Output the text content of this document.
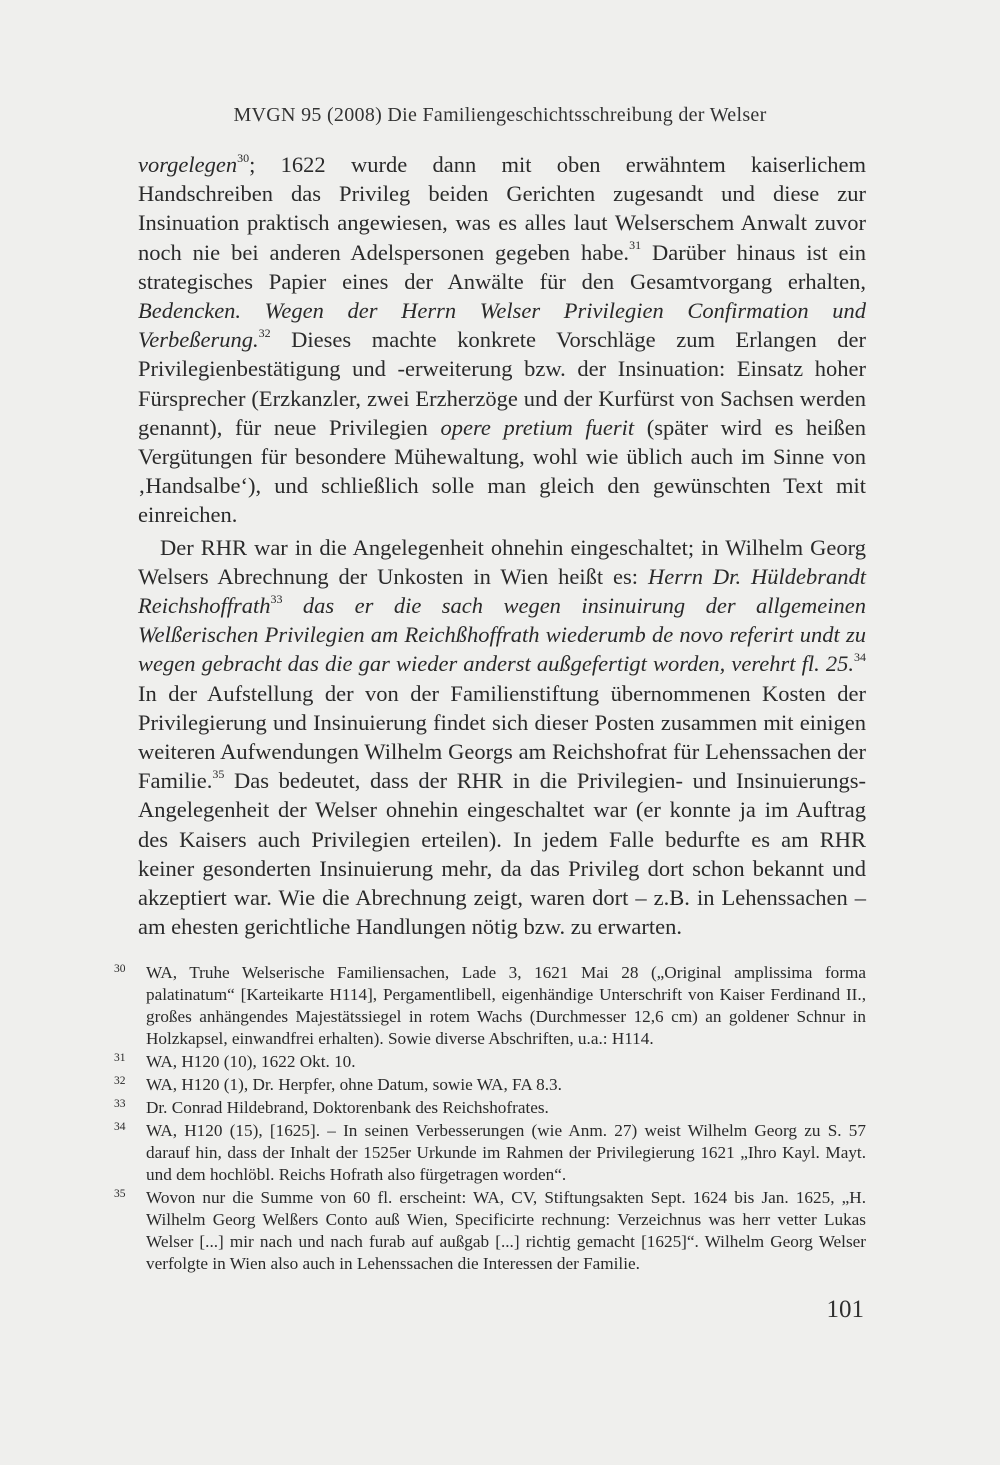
MVGN 95 (2008) Die Familiengeschichtsschreibung der Welser

vorgelegen$^{30}$; 1622 wurde dann mit oben erwähntem kaiserlichem Handschreiben das Privileg beiden Gerichten zugesandt und diese zur Insinuation praktisch angewiesen, was es alles laut Welserschem Anwalt zuvor noch nie bei anderen Adelspersonen gegeben habe.$^{31}$ Darüber hinaus ist ein strategisches Papier eines der Anwälte für den Gesamtvorgang erhalten, Bedencken. Wegen der Herrn Welser Privilegien Confirmation und Verbeßerung.$^{32}$ Dieses machte konkrete Vorschläge zum Erlangen der Privilegienbestätigung und -erweiterung bzw. der Insinuation: Einsatz hoher Fürsprecher (Erzkanzler, zwei Erzherzöge und der Kurfürst von Sachsen werden genannt), für neue Privilegien opere pretium fuerit (später wird es heißen Vergütungen für besondere Mühewaltung, wohl wie üblich auch im Sinne von ‚Handsalbe‘), und schließlich solle man gleich den gewünschten Text mit einreichen.

Der RHR war in die Angelegenheit ohnehin eingeschaltet; in Wilhelm Georg Welsers Abrechnung der Unkosten in Wien heißt es: Herrn Dr. Hüldebrandt Reichshoffrath$^{33}$ das er die sach wegen insinuirung der allgemeinen Welßerischen Privilegien am Reichßhoffrath wiederumb de novo referirt undt zu wegen gebracht das die gar wieder anderst außgefertigt worden, verehrt fl. 25.34 In der Aufstellung der von der Familienstiftung übernommenen Kosten der Privilegierung und Insinuierung findet sich dieser Posten zusammen mit einigen weiteren Aufwendungen Wilhelm Georgs am Reichshofrat für Lehenssachen der Familie.$^{35}$ Das bedeutet, dass der RHR in die Privilegien- und Insinuierungs-Angelegenheit der Welser ohnehin eingeschaltet war (er konnte ja im Auftrag des Kaisers auch Privilegien erteilen). In jedem Falle bedurfte es am RHR keiner gesonderten Insinuierung mehr, da das Privileg dort schon bekannt und akzeptiert war. Wie die Abrechnung zeigt, waren dort – z.B. in Lehenssachen – am ehesten gerichtliche Handlungen nötig bzw. zu erwarten.

30	WA, Truhe Welserische Familiensachen, Lade 3, 1621 Mai 28 („Original amplissima forma palatinatum“ [Karteikarte H114], Pergamentlibell, eigenhändige Unterschrift von Kaiser Ferdinand II., großes anhängendes Majestätssiegel in rotem Wachs (Durchmesser 12,6 cm) an goldener Schnur in Holzkapsel, einwandfrei erhalten). Sowie diverse Abschriften, u.a.: H114.
31	WA, H120 (10), 1622 Okt. 10.
32	WA, H120 (1), Dr. Herpfer, ohne Datum, sowie WA, FA 8.3.
33	Dr. Conrad Hildebrand, Doktorenbank des Reichshofrates.
34	WA, H120 (15), [1625]. – In seinen Verbesserungen (wie Anm. 27) weist Wilhelm Georg zu S. 57 darauf hin, dass der Inhalt der 1525er Urkunde im Rahmen der Privilegierung 1621 „Ihro Kayl. Mayt. und dem hochlöbl. Reichs Hofrath also fürgetragen worden“.
35	Wovon nur die Summe von 60 fl. erscheint: WA, CV, Stiftungsakten Sept. 1624 bis Jan. 1625, „H. Wilhelm Georg Welßers Conto auß Wien, Specificirte rechnung: Verzeichnus was herr vetter Lukas Welser [...] mir nach und nach furab auf außgab [...] richtig gemacht [1625]“. Wilhelm Georg Welser verfolgte in Wien also auch in Lehenssachen die Interessen der Familie.
101
